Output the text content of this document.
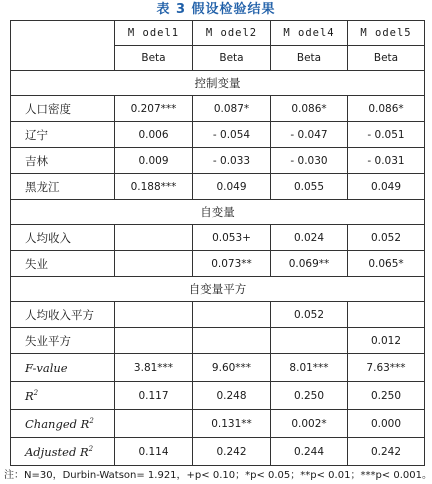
表 3 假设检验结果
	M odel1	M odel2	M odel4	M odel5
	Beta	Beta	Beta	Beta
控制变量				
人口密度	0.207***	0.087*	0.086*	0.086*
辽宁	0.006	- 0.054	- 0.047	- 0.051
吉林	0.009	- 0.033	- 0.030	- 0.031
黑龙江	0.188***	0.049	0.055	0.049
自变量				
人均收入		0.053+	0.024	0.052
失业		0.073**	0.069**	0.065*
自变量平方				
人均收入平方			0.052	
失业平方				0.012
F-value	3.81***	9.60***	8.01***	7.63***
$R^2$	0.117	0.248	0.250	0.250
Changed $R^2$		0.131**	0.002*	0.000
Adjusted $R^2$	0.114	0.242	0.244	0.242
注：N=30，Durbin-Watson= 1.921，+p< 0.10；*p< 0.05；**p< 0.01；***p< 0.001。
